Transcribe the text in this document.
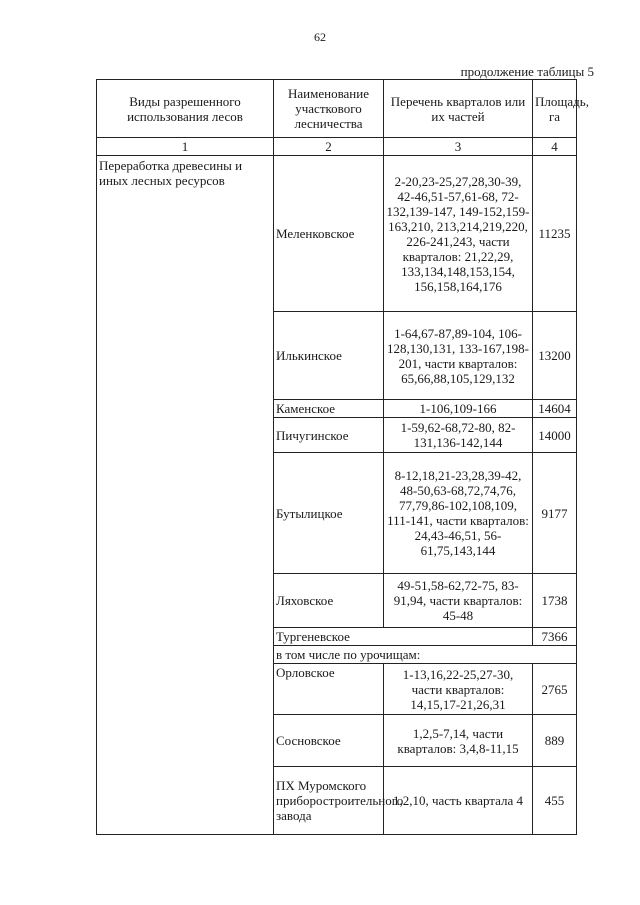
62
продолжение таблицы 5
Виды разрешенного использования лесов	Наименование участкового лесничества	Перечень кварталов или их частей	Площадь, га
1	2	3	4
Переработка древесины и иных лесных ресурсов	Меленковское	2-20,23-25,27,28,30-39, 42-46,51-57,61-68, 72-132,139-147, 149-152,159-163,210, 213,214,219,220, 226-241,243, части кварталов: 21,22,29, 133,134,148,153,154, 156,158,164,176	11235
	Илькинское	1-64,67-87,89-104, 106-128,130,131, 133-167,198-201, части кварталов: 65,66,88,105,129,132	13200
	Каменское	1-106,109-166	14604
	Пичугинское	1-59,62-68,72-80, 82-131,136-142,144	14000
	Бутылицкое	8-12,18,21-23,28,39-42, 48-50,63-68,72,74,76, 77,79,86-102,108,109, 111-141, части кварталов: 24,43-46,51, 56-61,75,143,144	9177
	Ляховское	49-51,58-62,72-75, 83-91,94, части кварталов: 45-48	1738
	Тургеневское		7366
	в том числе по урочищам:		
	Орловское	1-13,16,22-25,27-30, части кварталов: 14,15,17-21,26,31	2765
	Сосновское	1,2,5-7,14, части кварталов: 3,4,8-11,15	889
	ПХ Муромского приборостроительного завода	1,2,10, часть квартала 4	455
